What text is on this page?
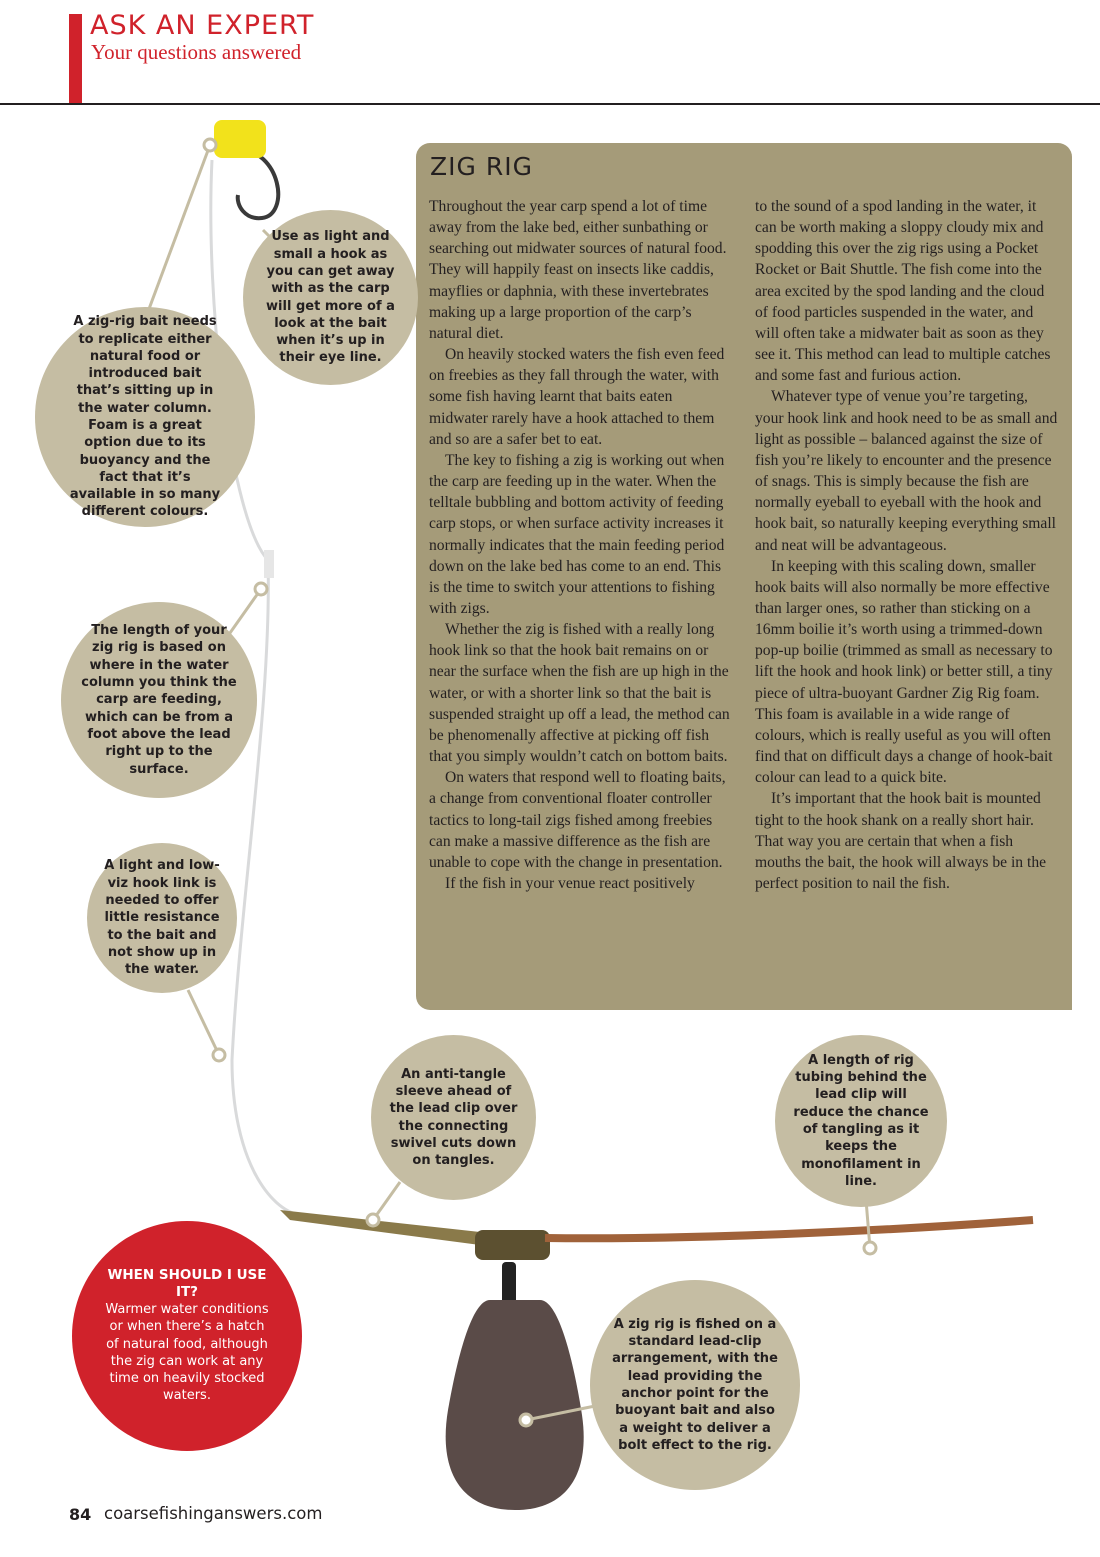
ASK AN EXPERT
Your questions answered
ZIG RIG

Throughout the year carp spend a lot of time away from the lake bed, either sunbathing or searching out midwater sources of natural food. They will happily feast on insects like caddis, mayflies or daphnia, with these invertebrates making up a large proportion of the carp’s natural diet.

On heavily stocked waters the fish even feed on freebies as they fall through the water, with some fish having learnt that baits eaten midwater rarely have a hook attached to them and so are a safer bet to eat.

The key to fishing a zig is working out when the carp are feeding up in the water. When the telltale bubbling and bottom activity of feeding carp stops, or when surface activity increases it normally indicates that the main feeding period down on the lake bed has come to an end. This is the time to switch your attentions to fishing with zigs.

Whether the zig is fished with a really long hook link so that the hook bait remains on or near the surface when the fish are up high in the water, or with a shorter link so that the bait is suspended straight up off a lead, the method can be phenomenally affective at picking off fish that you simply wouldn’t catch on bottom baits.

On waters that respond well to floating baits, a change from conventional floater controller tactics to long-tail zigs fished among freebies can make a massive difference as the fish are unable to cope with the change in presentation.

If the fish in your venue react positively

to the sound of a spod landing in the water, it can be worth making a sloppy cloudy mix and spodding this over the zig rigs using a Pocket Rocket or Bait Shuttle. The fish come into the area excited by the spod landing and the cloud of food particles suspended in the water, and will often take a midwater bait as soon as they see it. This method can lead to multiple catches and some fast and furious action.

Whatever type of venue you’re targeting, your hook link and hook need to be as small and light as possible – balanced against the size of fish you’re likely to encounter and the presence of snags. This is simply because the fish are normally eyeball to eyeball with the hook and hook bait, so naturally keeping everything small and neat will be advantageous.

In keeping with this scaling down, smaller hook baits will also normally be more effective than larger ones, so rather than sticking on a 16mm boilie it’s worth using a trimmed-down pop-up boilie (trimmed as small as necessary to lift the hook and hook link) or better still, a tiny piece of ultra-buoyant Gardner Zig Rig foam. This foam is available in a wide range of colours, which is really useful as you will often find that on difficult days a change of hook-bait colour can lead to a quick bite.

It’s important that the hook bait is mounted tight to the hook shank on a really short hair. That way you are certain that when a fish mouths the bait, the hook will always be in the perfect position to nail the fish.

A zig-rig bait needs to replicate either natural food or introduced bait that’s sitting up in the water column. Foam is a great option due to its buoyancy and the fact that it’s available in so many different colours.
Use as light and small a hook as you can get away with as the carp will get more of a look at the bait when it’s up in their eye line.
The length of your zig rig is based on where in the water column you think the carp are feeding, which can be from a foot above the lead right up to the surface.
A light and low-viz hook link is needed to offer little resistance to the bait and not show up in the water.
An anti-tangle sleeve ahead of the lead clip over the connecting swivel cuts down on tangles.
A length of rig tubing behind the lead clip will reduce the chance of tangling as it keeps the monofilament in line.
A zig rig is fished on a standard lead-clip arrangement, with the lead providing the anchor point for the buoyant bait and also a weight to deliver a bolt effect to the rig.
WHEN SHOULD I USE IT?
Warmer water conditions or when there’s a hatch of natural food, although the zig can work at any time on heavily stocked waters.
84 coarsefishinganswers.com
